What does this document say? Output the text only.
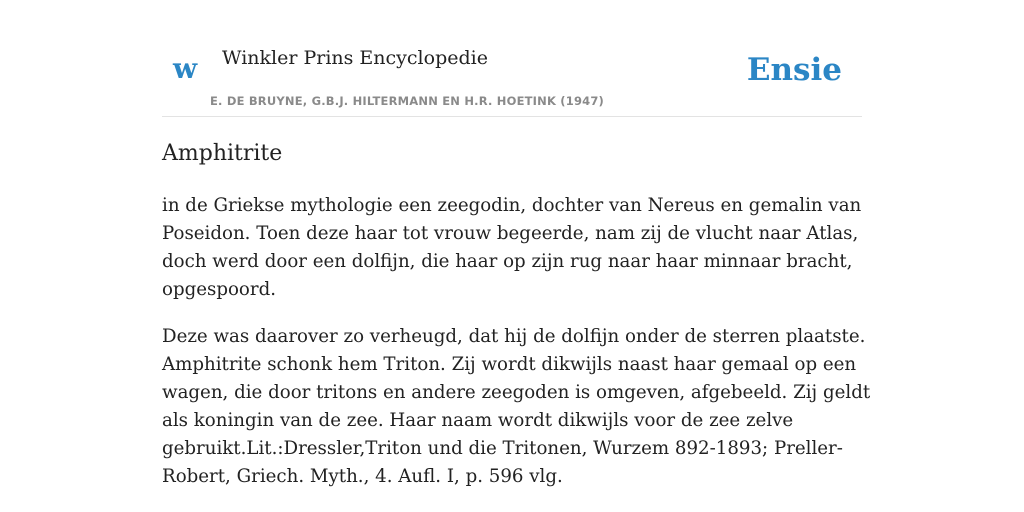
w Winkler Prins Encyclopedie
E. DE BRUYNE, G.B.J. HILTERMANN EN H.R. HOETINK (1947)
Ensie
Amphitrite

in de Griekse mythologie een zeegodin, dochter van Nereus en gemalin van Poseidon. Toen deze haar tot vrouw begeerde, nam zij de vlucht naar Atlas, doch werd door een dolfijn, die haar op zijn rug naar haar minnaar bracht, opgespoord.

Deze was daarover zo verheugd, dat hij de dolfijn onder de sterren plaatste. Amphitrite schonk hem Triton. Zij wordt dikwijls naast haar gemaal op een wagen, die door tritons en andere zeegoden is omgeven, afgebeeld. Zij geldt als koningin van de zee. Haar naam wordt dikwijls voor de zee zelve gebruikt.Lit.:Dressler,Triton und die Tritonen, Wurzem 892-1893; Preller-Robert, Griech. Myth., 4. Aufl. I, p. 596 vlg.
